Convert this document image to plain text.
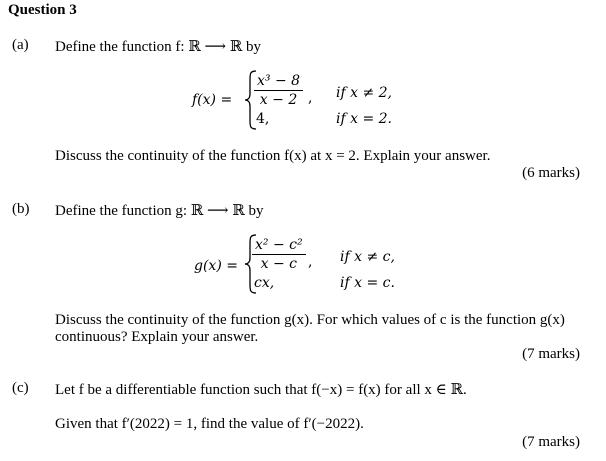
Question 3
(a) Define the function f: ℝ ⟶ ℝ by
$f(x) = \frac{\text{x³ − 8}}{x - 2}$ , if x ≠ 2,
4,	if x = 2.
Discuss the continuity of the function f(x) at x = 2. Explain your answer.
(6 marks)
(b) Define the function g: ℝ ⟶ ℝ by
$g(x) = \frac{\text{x² − c²}}{x - c}$ , if x ≠ c,
cx,	if x = c.
Discuss the continuity of the function g(x). For which values of c is the function g(x)
continuous? Explain your answer.
(7 marks)
(c) Let f be a differentiable function such that f(−x) = f(x) for all x ∈ ℝ.
Given that f′(2022) = 1, find the value of f′(−2022).
(7 marks)
